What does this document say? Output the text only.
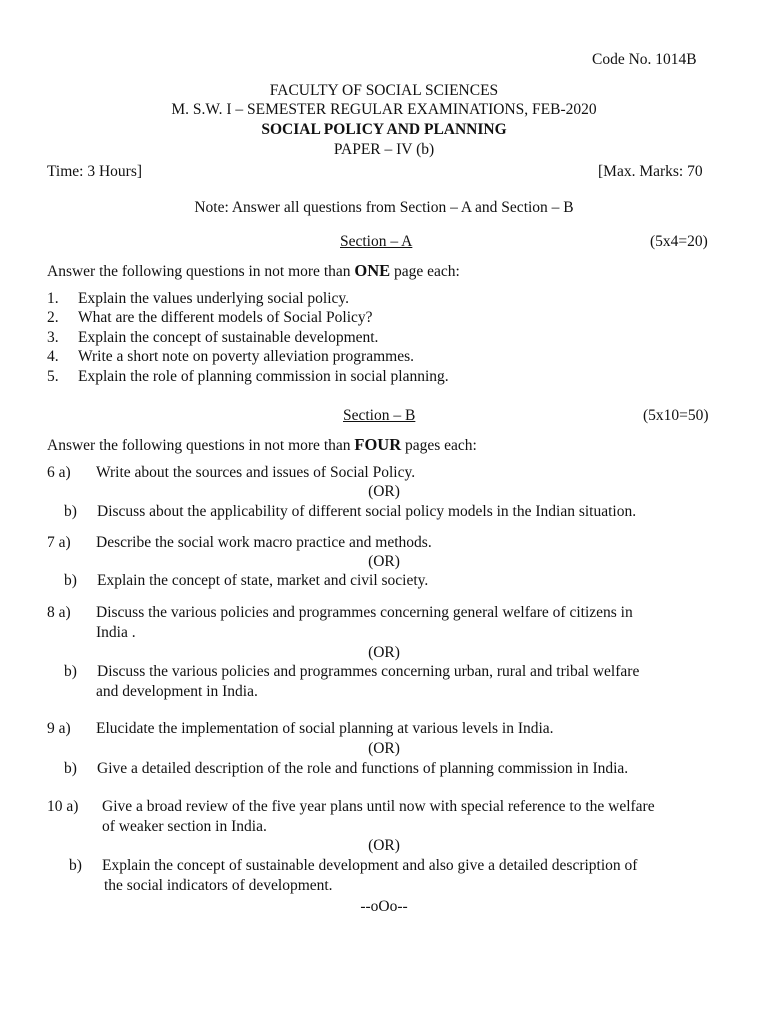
Code No. 1014B
FACULTY OF SOCIAL SCIENCES
M. S.W. I – SEMESTER REGULAR EXAMINATIONS, FEB-2020
SOCIAL POLICY AND PLANNING
PAPER – IV (b)
Time: 3 Hours]	[Max. Marks: 70
Note: Answer all questions from Section – A and Section – B
Section – A	(5x4=20)
Answer the following questions in not more than ONE page each:
1. Explain the values underlying social policy.
2. What are the different models of Social Policy?
3. Explain the concept of sustainable development.
4. Write a short note on poverty alleviation programmes.
5. Explain the role of planning commission in social planning.
Section – B	(5x10=50)
Answer the following questions in not more than FOUR pages each:
6 a) Write about the sources and issues of Social Policy.
(OR)
b) Discuss about the applicability of different social policy models in the Indian situation.
7 a) Describe the social work macro practice and methods.
(OR)
b) Explain the concept of state, market and civil society.
8 a) Discuss the various policies and programmes concerning general welfare of citizens in
India .
(OR)
b) Discuss the various policies and programmes concerning urban, rural and tribal welfare
and development in India.
9 a) Elucidate the implementation of social planning at various levels in India.
(OR)
b) Give a detailed description of the role and functions of planning commission in India.
10 a) Give a broad review of the five year plans until now with special reference to the welfare
of weaker section in India.
(OR)
b) Explain the concept of sustainable development and also give a detailed description of
the social indicators of development.
--oOo--
